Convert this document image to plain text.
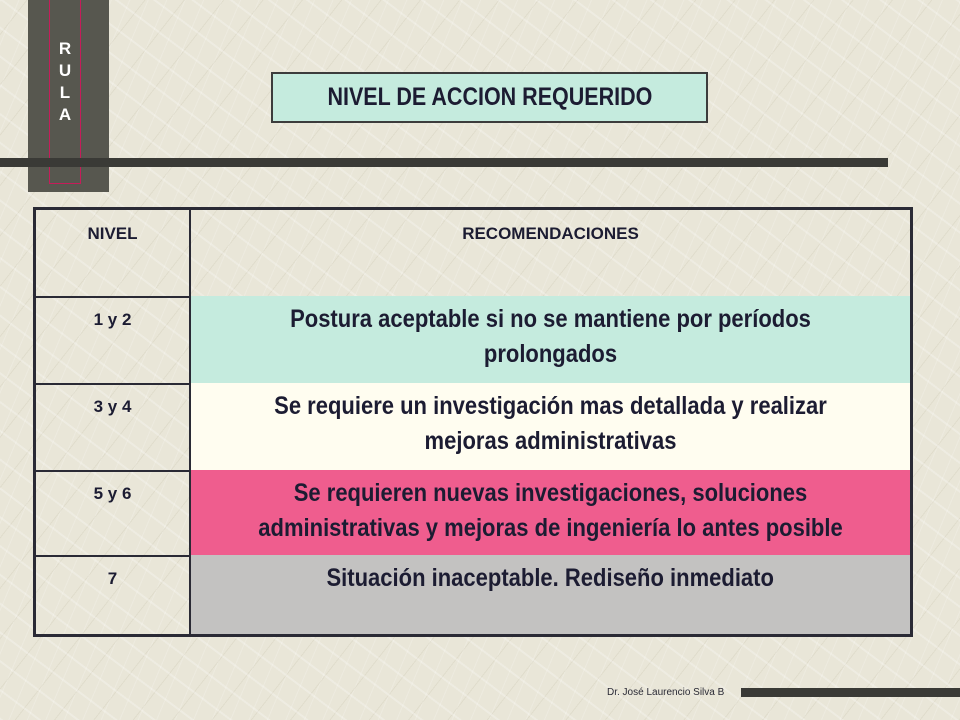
R
U
L
A
NIVEL DE ACCION REQUERIDO
NIVEL	RECOMENDACIONES
1 y 2	Postura aceptable si no se mantiene por períodos prolongados
3 y 4	Se requiere un investigación mas detallada y realizar mejoras administrativas
5 y 6	Se requieren nuevas investigaciones, soluciones administrativas y mejoras de ingeniería lo antes posible
7	Situación inaceptable. Rediseño inmediato
Dr. José Laurencio Silva B
